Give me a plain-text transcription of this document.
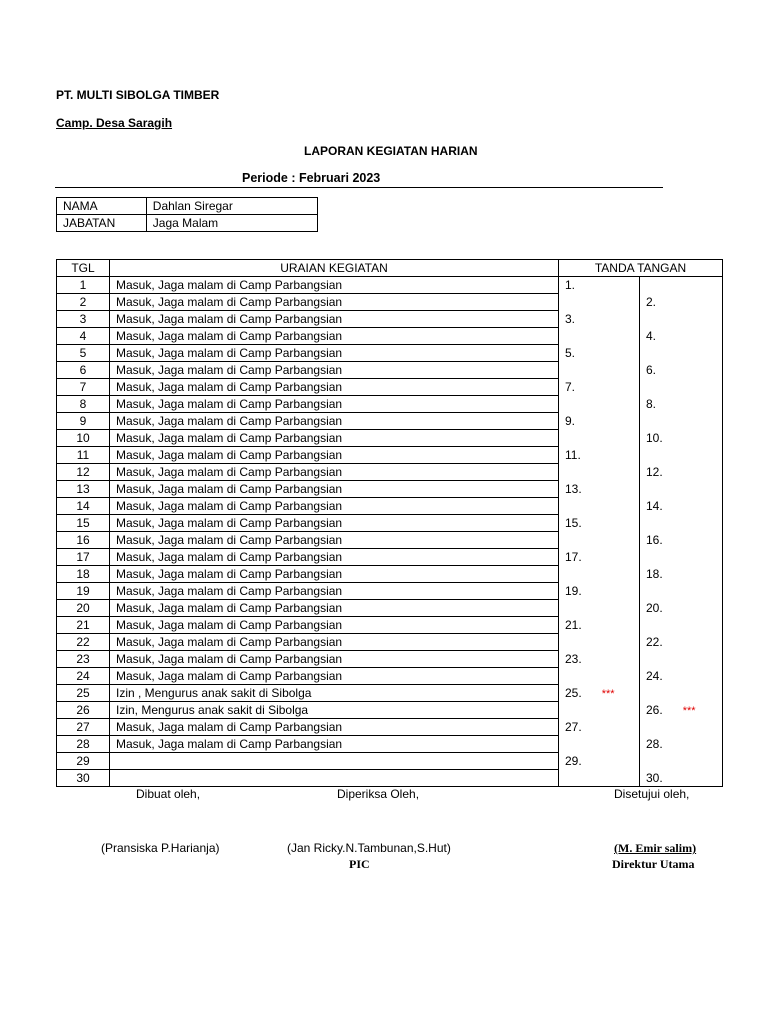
PT. MULTI SIBOLGA TIMBER
Camp. Desa Saragih
LAPORAN KEGIATAN HARIAN
Periode : Februari 2023
NAMA	Dahlan Siregar
JABATAN	Jaga Malam
TGL	URAIAN KEGIATAN	TANDA TANGAN	
1	Masuk, Jaga malam di Camp Parbangsian	1.	
2	Masuk, Jaga malam di Camp Parbangsian		2.
3	Masuk, Jaga malam di Camp Parbangsian	3.	
4	Masuk, Jaga malam di Camp Parbangsian		4.
5	Masuk, Jaga malam di Camp Parbangsian	5.	
6	Masuk, Jaga malam di Camp Parbangsian		6.
7	Masuk, Jaga malam di Camp Parbangsian	7.	
8	Masuk, Jaga malam di Camp Parbangsian		8.
9	Masuk, Jaga malam di Camp Parbangsian	9.	
10	Masuk, Jaga malam di Camp Parbangsian		10.
11	Masuk, Jaga malam di Camp Parbangsian	11.	
12	Masuk, Jaga malam di Camp Parbangsian		12.
13	Masuk, Jaga malam di Camp Parbangsian	13.	
14	Masuk, Jaga malam di Camp Parbangsian		14.
15	Masuk, Jaga malam di Camp Parbangsian	15.	
16	Masuk, Jaga malam di Camp Parbangsian		16.
17	Masuk, Jaga malam di Camp Parbangsian	17.	
18	Masuk, Jaga malam di Camp Parbangsian		18.
19	Masuk, Jaga malam di Camp Parbangsian	19.	
20	Masuk, Jaga malam di Camp Parbangsian		20.
21	Masuk, Jaga malam di Camp Parbangsian	21.	
22	Masuk, Jaga malam di Camp Parbangsian		22.
23	Masuk, Jaga malam di Camp Parbangsian	23.	
24	Masuk, Jaga malam di Camp Parbangsian		24.
25	Izin , Mengurus anak sakit di Sibolga	25. ***	
26	Izin, Mengurus anak sakit di Sibolga		26. ***
27	Masuk, Jaga malam di Camp Parbangsian	27.	
28	Masuk, Jaga malam di Camp Parbangsian		28.
29		29.	
30			30.
Dibuat oleh,	Diperiksa Oleh,	Disetujui oleh,
(Pransiska P.Harianja)	(Jan Ricky.N.Tambunan,S.Hut)
PIC
(M. Emir salim)
Direktur Utama
